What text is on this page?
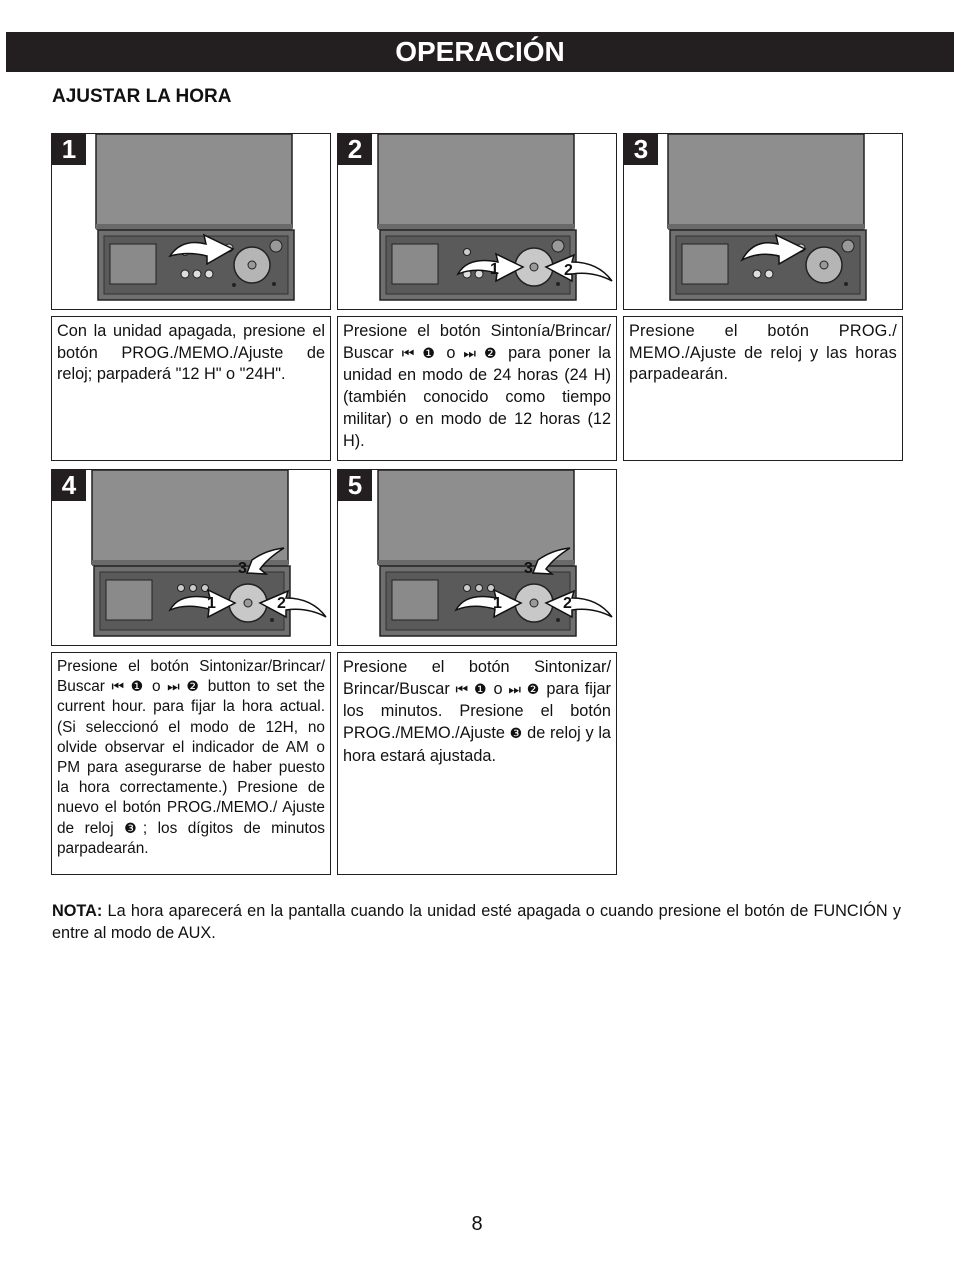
OPERACIÓN
AJUSTAR LA HORA
1
1	2
2	3
3
1	2
4
3
1	2
5
Con la unidad apagada, presione el botón PROG./MEMO./Ajuste de reloj; parpaderá "12 H" o "24H".
Presione el botón Sintonía/Brincar/ Buscar ⏮ ❶ o ⏭ ❷ para poner la unidad en modo de 24 horas (24 H) (también conocido como tiempo militar) o en modo de 12 horas (12 H).
Presione el botón PROG./ MEMO./Ajuste de reloj y las horas parpadearán.
Presione el botón Sintonizar/Brincar/ Buscar ⏮ ❶ o ⏭ ❷ button to set the current hour. para fijar la hora actual. (Si seleccionó el modo de 12H, no olvide observar el indicador de AM o PM para asegurarse de haber puesto la hora correctamente.) Presione de nuevo el botón PROG./MEMO./ Ajuste de reloj ❸; los dígitos de minutos parpadearán.
Presione el botón Sintonizar/ Brincar/Buscar ⏮ ❶ o ⏭ ❷ para fijar los minutos. Presione el botón PROG./MEMO./Ajuste ❸ de reloj y la hora estará ajustada.
NOTA: La hora aparecerá en la pantalla cuando la unidad esté apagada o cuando presione el botón de FUNCIÓN y entre al modo de AUX.
8
